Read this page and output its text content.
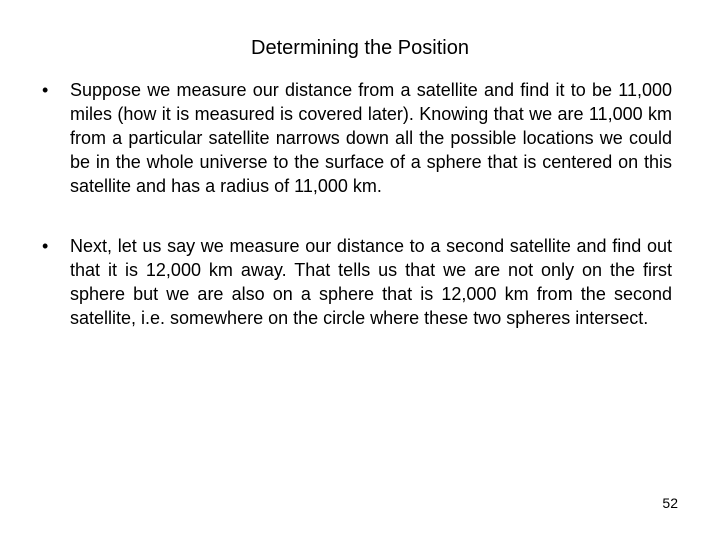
Determining the Position
•	Suppose we measure our distance from a satellite and find it to be 11,000 miles (how it is measured is covered later). Knowing that we are 11,000 km from a particular satellite narrows down all the possible locations we could be in the whole universe to the surface of a sphere that is centered on this satellite and has a radius of 11,000 km.
•	Next, let us say we measure our distance to a second satellite and find out that it is 12,000 km away. That tells us that we are not only on the first sphere but we are also on a sphere that is 12,000 km from the second satellite, i.e. somewhere on the circle where these two spheres intersect.
52
